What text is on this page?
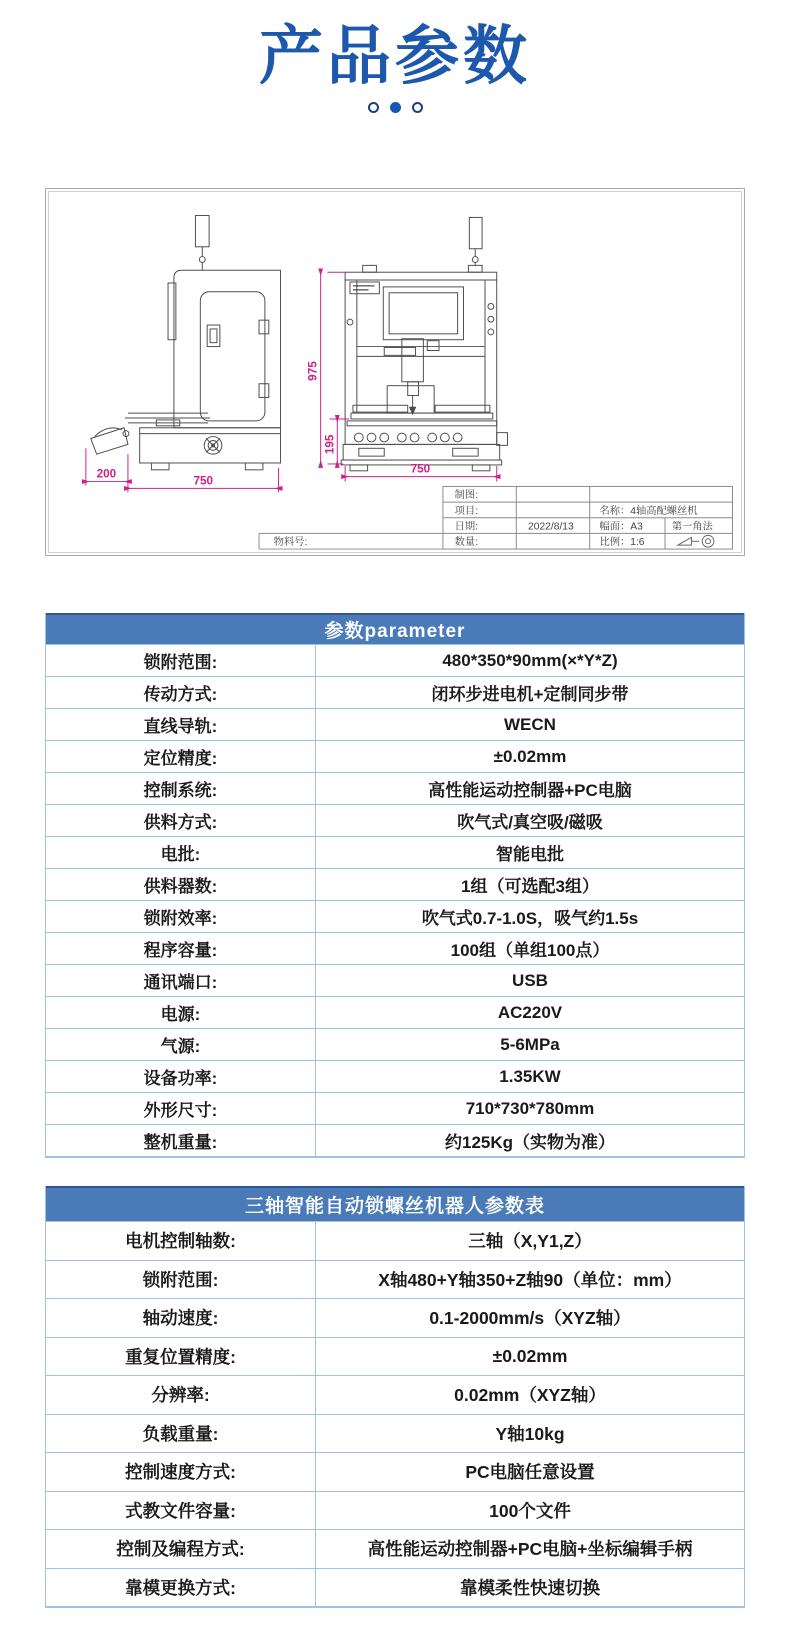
产品参数
200
750
975
195
750
制图:
项目:	名称：4轴高配螺丝机
日期:	2022/8/13 幅面：A3	第一角法
物料号:	数量:	比例：1:6
参数parameter
锁附范围:	480*350*90mm(×*Y*Z)
传动方式:	闭环步进电机+定制同步带
直线导轨:	WECN
定位精度:	±0.02mm
控制系统:	高性能运动控制器+PC电脑
供料方式:	吹气式/真空吸/磁吸
电批:	智能电批
供料器数:	1组（可选配3组）
锁附效率:	吹气式0.7-1.0S，吸气约1.5s
程序容量:	100组（单组100点）
通讯端口:	USB
电源:	AC220V
气源:	5-6MPa
设备功率:	1.35KW
外形尺寸:	710*730*780mm
整机重量:	约125Kg（实物为准）
三轴智能自动锁螺丝机器人参数表
电机控制轴数:	三轴（X,Y1,Z）
锁附范围:	X轴480+Y轴350+Z轴90（单位：mm）
轴动速度:	0.1-2000mm/s（XYZ轴）
重复位置精度:	±0.02mm
分辨率:	0.02mm（XYZ轴）
负载重量:	Y轴10kg
控制速度方式:	PC电脑任意设置
式教文件容量:	100个文件
控制及编程方式:	高性能运动控制器+PC电脑+坐标编辑手柄
靠模更换方式:	靠模柔性快速切换
